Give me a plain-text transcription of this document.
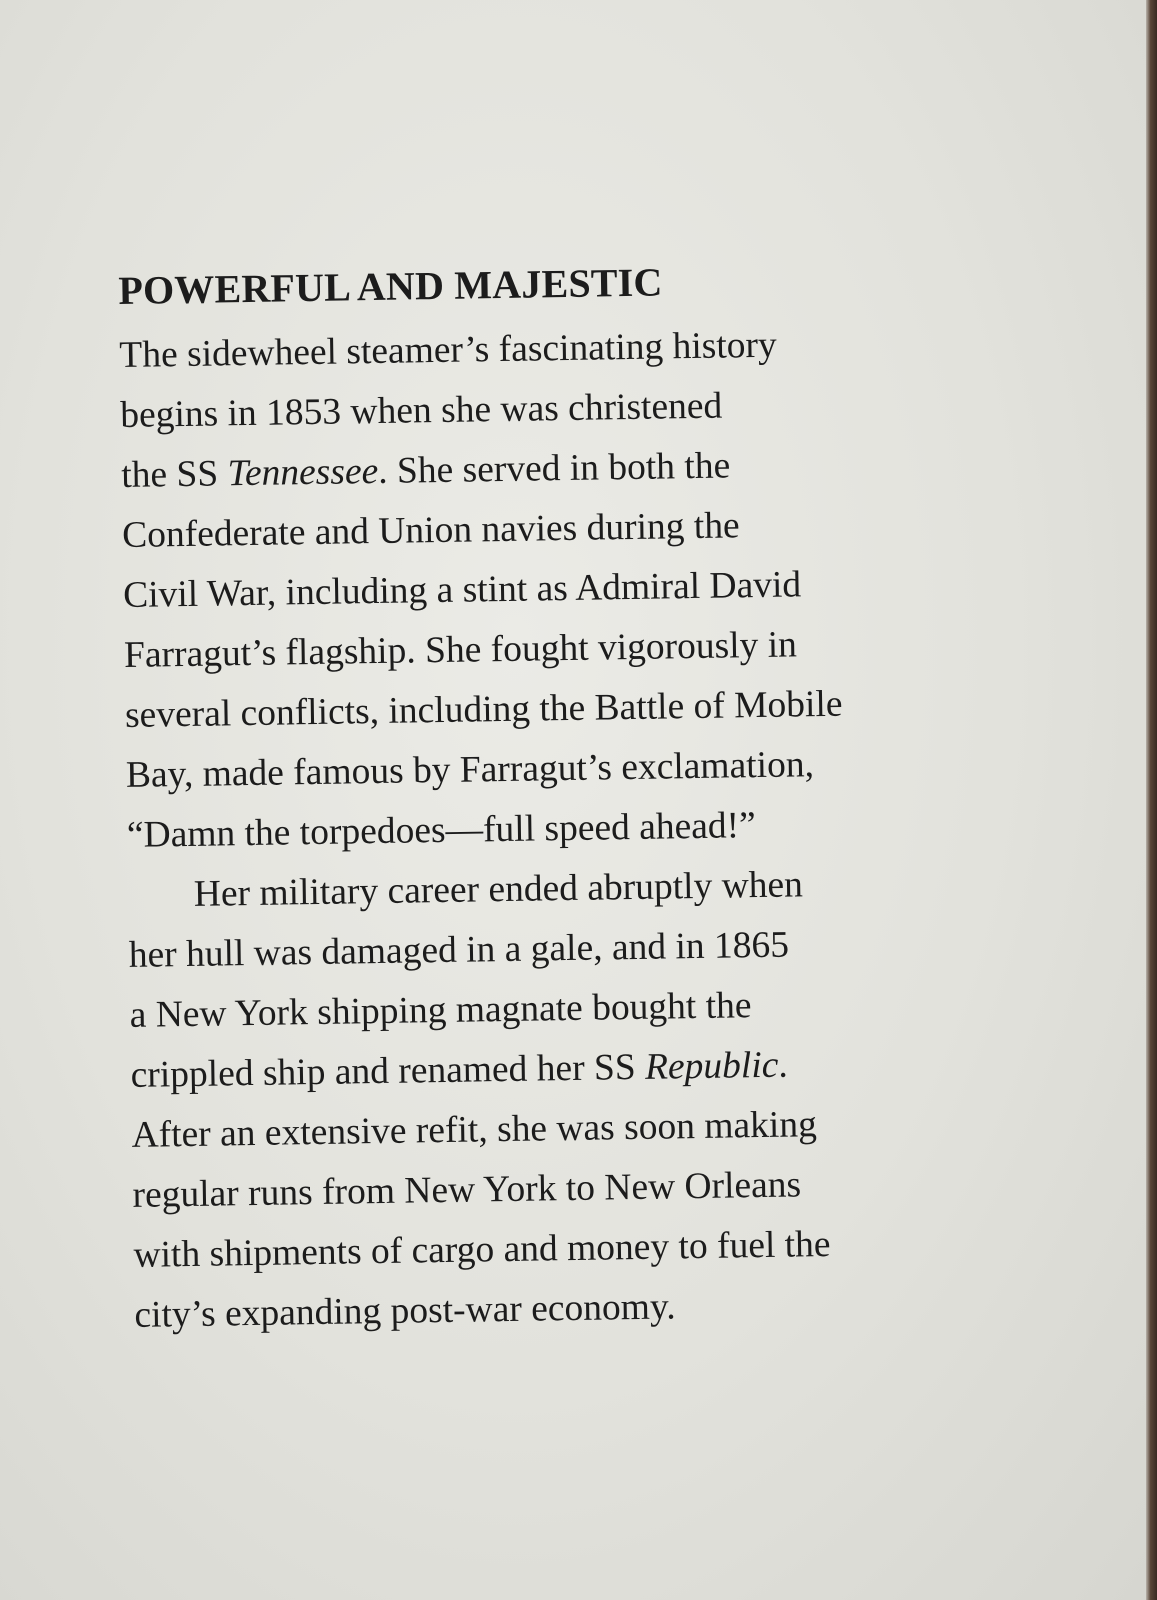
POWERFUL AND MAJESTIC
The sidewheel steamer’s fascinating history
begins in 1853 when she was christened
the SS Tennessee. She served in both the
Confederate and Union navies during the
Civil War, including a stint as Admiral David
Farragut’s flagship. She fought vigorously in
several conflicts, including the Battle of Mobile
Bay, made famous by Farragut’s exclamation,
“Damn the torpedoes—full speed ahead!”
Her military career ended abruptly when
her hull was damaged in a gale, and in 1865
a New York shipping magnate bought the
crippled ship and renamed her SS Republic.
After an extensive refit, she was soon making
regular runs from New York to New Orleans
with shipments of cargo and money to fuel the
city’s expanding post-war economy.
